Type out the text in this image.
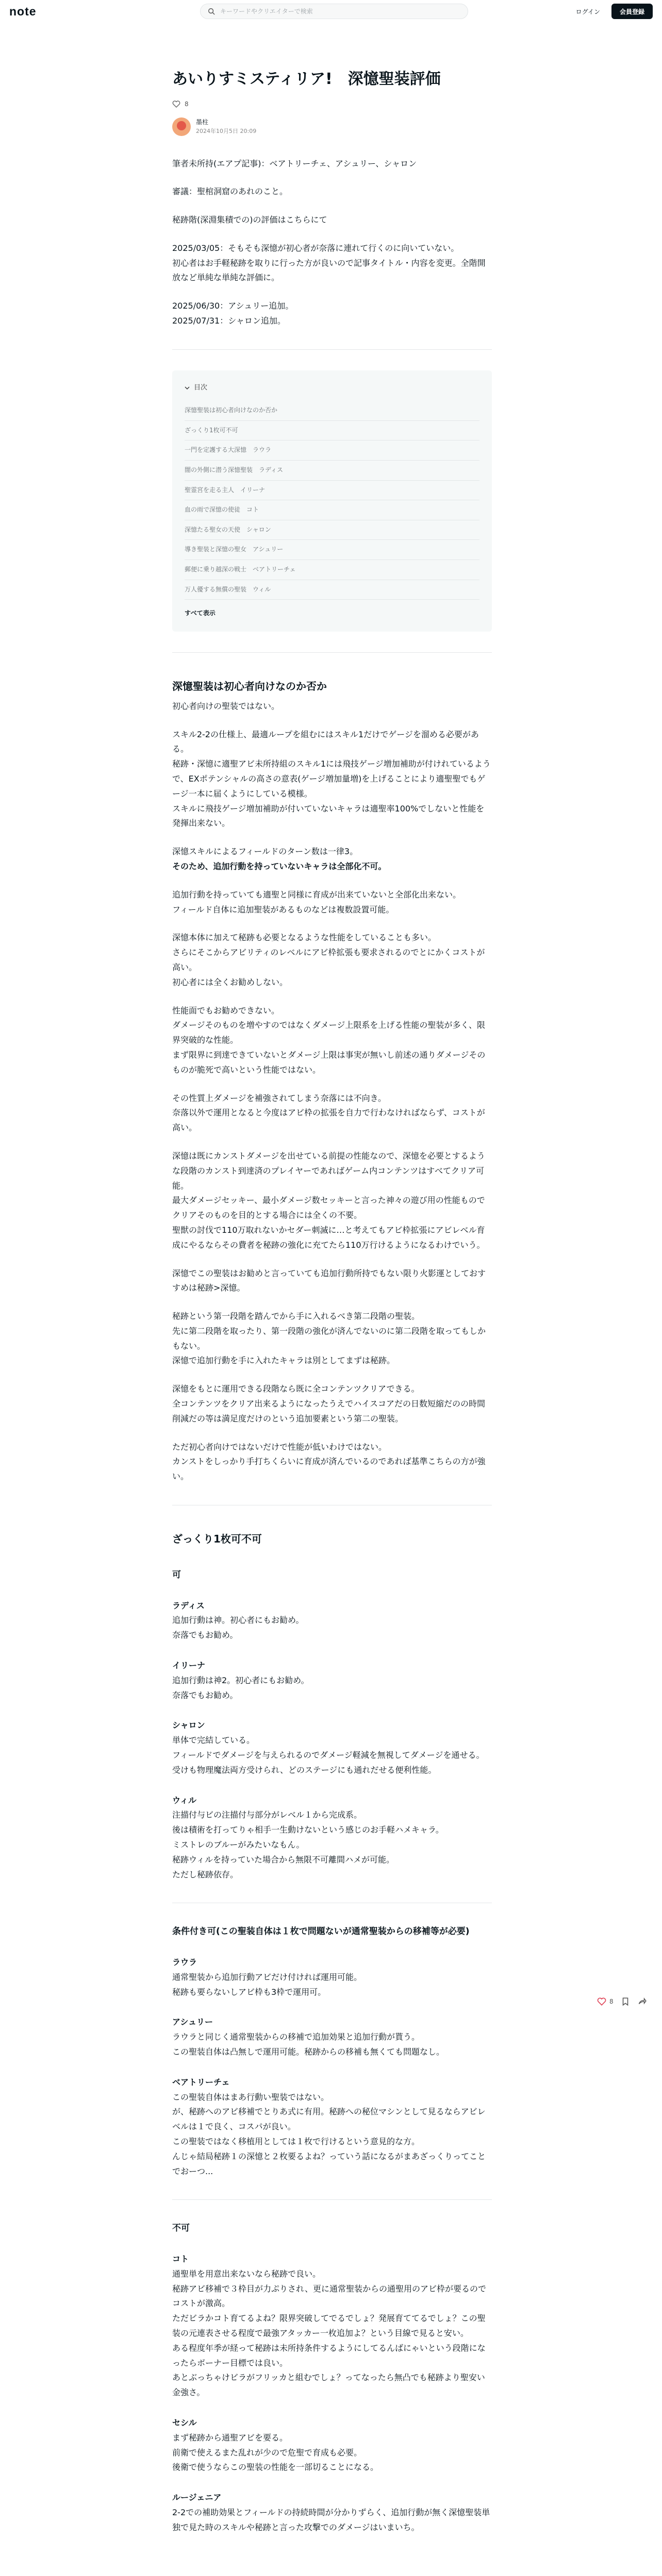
note
キーワードやクリエイターで検索	ログイン	会員登録
あいりすミスティリア!　深憶聖装評価
8
墨柱
2024年10月5日 20:09

筆者未所持(エアプ記事)：ベアトリーチェ、アシュリー、シャロン

審議：聖棺洞窟のあれのこと。

秘跡階(深淵集積での)の評価はこちらにて

2025/03/05：そもそも深憶が初心者が奈落に連れて行くのに向いていない。

初心者はお手軽秘跡を取りに行った方が良いので記事タイトル・内容を変更。全階開放など単純な単純な評価に。

2025/06/30：アシュリー追加。

2025/07/31：シャロン追加。

目次
深憶聖装は初心者向けなのか否か
ざっくり1枚可不可
一門を定護する大深憶　ラウラ
闇の外側に潜う深憶聖装　ラディス
聖霊宮を走る主人　イリーナ
血の雨で深憶の使徒　コト
深憶たる聖女の天使　シャロン
導き聖装と深憶の聖女　アシュリー
郵便に乗り越深の戦士　ベアトリーチェ
万人優する無償の聖装　ウィル
すべて表示
深憶聖装は初心者向けなのか否か

初心者向けの聖装ではない。

スキル2-2の仕様上、最適ループを組むにはスキル1だけでゲージを溜める必要がある。

秘跡・深憶に適聖アビ未所持組のスキル1には飛技ゲージ増加補助が付けれているようで、EXポテンシャルの高さの意表(ゲージ増加量増)を上げることにより適聖聖でもゲージ一本に届くようにしている模様。

スキルに飛技ゲージ増加補助が付いていないキャラは適聖率100%でしないと性能を発揮出来ない。

深憶スキルによるフィールドのターン数は一律3。

そのため、追加行動を持っていないキャラは全部化不可。

追加行動を持っていても適聖と同様に育成が出来ていないと全部化出来ない。

フィールド自体に追加聖装があるものなどは複数設置可能。

深憶本体に加えて秘跡も必要となるような性能をしていることも多い。

さらにそこからアビリティのレベルにアビ枠拡張も要求されるのでとにかくコストが高い。

初心者には全くお勧めしない。

性能面でもお勧めできない。

ダメージそのものを増やすのではなくダメージ上限系を上げる性能の聖装が多く、限界突破的な性能。

まず限界に到達できていないとダメージ上限は事実が無いし前述の通りダメージそのものが脆死で高いという性能ではない。

その性質上ダメージを補強されてしまう奈落には不向き。

奈落以外で運用となると今度はアビ枠の拡張を自力で行わなければならず、コストが高い。

深憶は既にカンストダメージを出せている前提の性能なので、深憶を必要とするような段階のカンスト到達済のプレイヤーであればゲーム内コンテンツはすべてクリア可能。

最大ダメージセッキー、最小ダメージ数セッキーと言った神々の遊び用の性能ものでクリアそのものを目的とする場合には全くの不要。

聖獣の討伐で110万取れないかセダー刺滅に…と考えてもアビ枠拡張にアビレベル育成にやるならその費者を秘跡の強化に充てたら110万行けるようになるわけでいう。

深憶でこの聖装はお勧めと言っていても追加行動所持でもない限り火影運としておすすめは秘跡>深憶。

秘跡という第一段階を踏んでから手に入れるべき第二段階の聖装。

先に第二段階を取ったり、第一段階の強化が済んでないのに第二段階を取ってもしかもない。

深憶で追加行動を手に入れたキャラは別としてまずは秘跡。

深憶をもとに運用できる段階なら既に全コンテンツクリアできる。

全コンテンツをクリア出来るようになったうえでハイスコアだの日数短縮だのの時間削減だの等は満足度だけのという追加要素という第二の聖装。

ただ初心者向けではないだけで性能が低いわけではない。

カンストをしっかり手打ちくらいに育成が済んでいるのであれば基準こちらの方が強い。

ざっくり1枚可不可
可
ラディス

追加行動は神。初心者にもお勧め。

奈落でもお勧め。

イリーナ

追加行動は神2。初心者にもお勧め。

奈落でもお勧め。

シャロン

単体で完結している。

フィールドでダメージを与えられるのでダメージ軽減を無視してダメージを通せる。

受けも物理魔法両方受けられ、どのステージにも通れだせる便利性能。

ウィル

注描付与ビの注描付与部分がレベル１から完成系。

後は積術を打ってりゃ相手一生動けないという感じのお手軽ハメキャラ。

ミストレのブルーがみたいなもん。

秘跡ウィルを持っていた場合から無限不可離間ハメが可能。

ただし秘跡依存。

条件付き可(この聖装自体は１枚で問題ないが通常聖装からの移補等が必要)
ラウラ

通常聖装から追加行動アビだけ付ければ運用可能。

秘跡も要らないしアビ枠も3枠で運用可。

アシュリー

ラウラと同じく通常聖装からの移補で追加効果と追加行動が貰う。

この聖装自体は凸無しで運用可能。秘跡からの移補も無くても問題なし。

ベアトリーチェ

この聖装自体はまあ行動い聖装ではない。

が、秘跡へのアビ移補でとりあ式に有用。秘跡への秘位マシンとして見るならアビレベルは１で良く、コスパが良い。

この聖装ではなく移植用としては１枚で行けるという意見的な方。

んじゃ結局秘跡１の深憶と２枚要るよね？っていう話になるがまあざっくりってことでおーつ...

不可
コト

通聖単を用意出来ないなら秘跡で良い。

秘跡アビ移補で３枠目が力ぷりされ、更に通常聖装からの通聖用のアビ枠が要るのでコストが激高。

ただビラかコト育てるよね？限界突破してでるでしょ？発展育ててるでしょ？この聖装の元連表させる程度で最強アタッカー一枚追加よ？という目線で見ると安い。

ある程度年季が経って秘跡は未所持条件するようにしてるんばにゃいという段階になったらボーナー目標では良い。

あとぶっちゃけビラがフリッカと組むでしょ？ってなったら無凸でも秘跡より聖安い金強さ。

セシル

まず秘跡から通聖アビを要る。

前衛で使えるまた乱れが少ので危聖で育成も必要。

後衛で使うならこの聖装の性能を一部切ることになる。

ルージェニア

2-2での補助効果とフィールドの持続時間が分かりずらく、追加行動が無く深憶聖装単独で見た時のスキルや秘跡と言った攻撃でのダメージはいまいち。

8
